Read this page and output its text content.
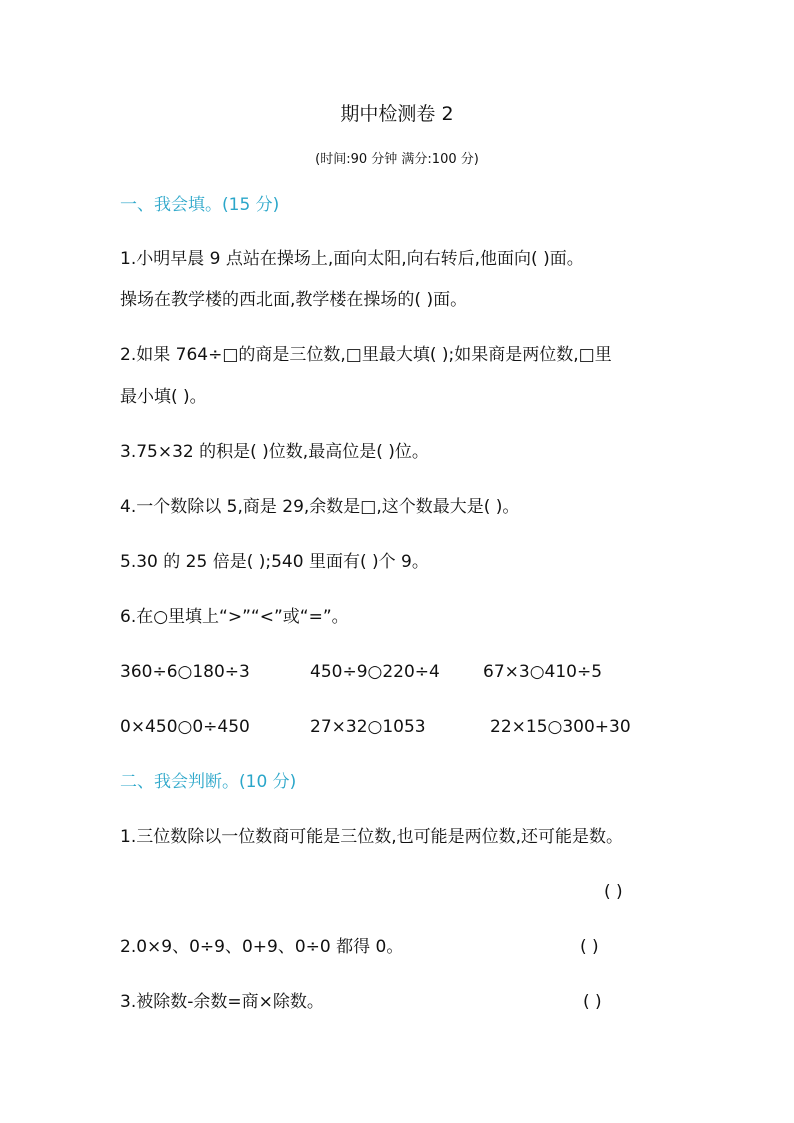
期中检测卷 2
(时间:90 分钟 满分:100 分)
一、我会填。(15 分)
1.小明早晨 9 点站在操场上,面向太阳,向右转后,他面向( )面。
操场在教学楼的西北面,教学楼在操场的( )面。
2.如果 764÷□的商是三位数,□里最大填( );如果商是两位数,□里
最小填( )。
3.75×32 的积是( )位数,最高位是( )位。
4.一个数除以 5,商是 29,余数是□,这个数最大是( )。
5.30 的 25 倍是( );540 里面有( )个 9。
6.在○里填上“>”“<”或“=”。
360÷6○180÷3	450÷9○220÷4	67×3○410÷5
0×450○0÷450	27×32○1053	22×15○300+30
二、我会判断。(10 分)
1.三位数除以一位数商可能是三位数,也可能是两位数,还可能是数。
( )
2.0×9、0÷9、0+9、0÷0 都得 0。	( )
3.被除数-余数=商×除数。	( )
